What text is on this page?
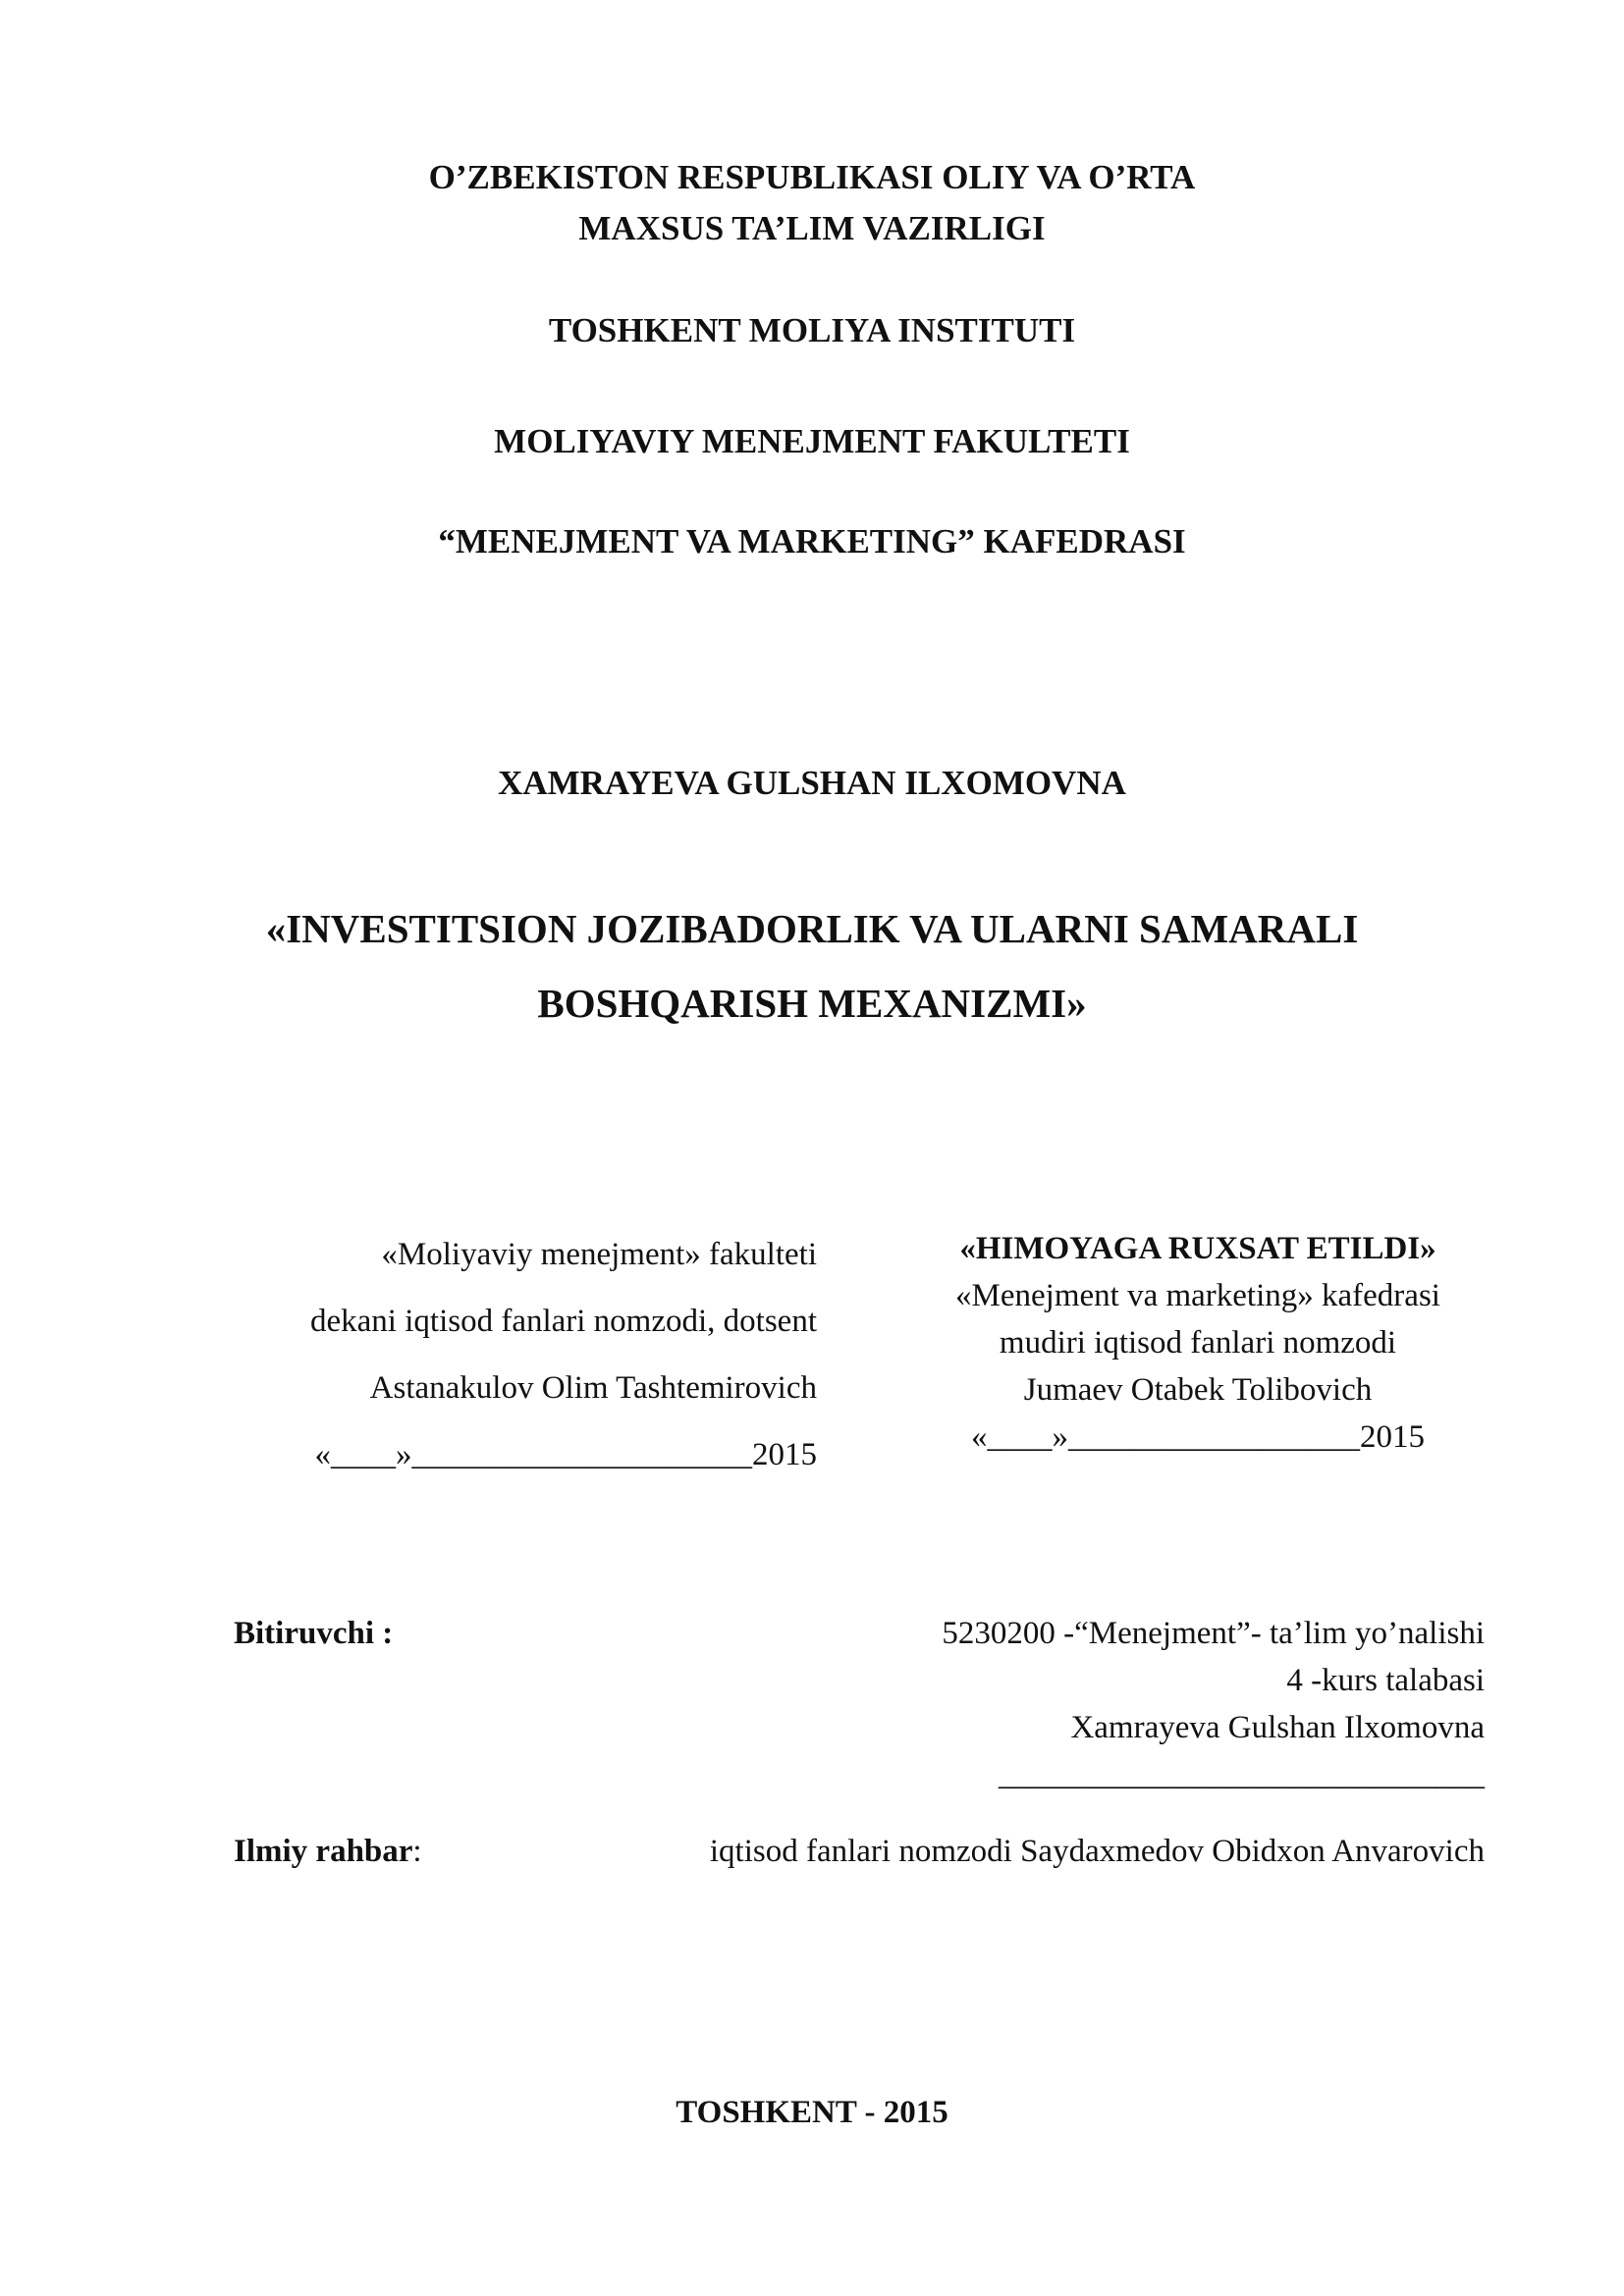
O’ZBEKISTON RESPUBLIKASI OLIY VA O’RTA
MAXSUS TA’LIM VAZIRLIGI
TOSHKENT MOLIYA INSTITUTI
MOLIYAVIY MENEJMENT FAKULTETI
“MENEJMENT VA MARKETING” KAFEDRASI
XAMRAYEVA GULSHAN ILXOMOVNA
«INVESTITSION JOZIBADORLIK VA ULARNI SAMARALI
BOSHQARISH MEXANIZMI»
«Moliyaviy menejment» fakulteti
dekani iqtisod fanlari nomzodi, dotsent
Astanakulov Olim Tashtemirovich
«____»_____________________2015
«HIMOYAGA RUXSAT ETILDI»
«Menejment va marketing» kafedrasi
mudiri iqtisod fanlari nomzodi
Jumaev Otabek Tolibovich
«____»__________________2015
Bitiruvchi :	5230200 -“Menejment”- ta’lim yo’nalishi
4 -kurs talabasi
Xamrayeva Gulshan Ilxomovna
______________________________
Ilmiy rahbar:	iqtisod fanlari nomzodi Saydaxmedov Obidxon Anvarovich
TOSHKENT - 2015
